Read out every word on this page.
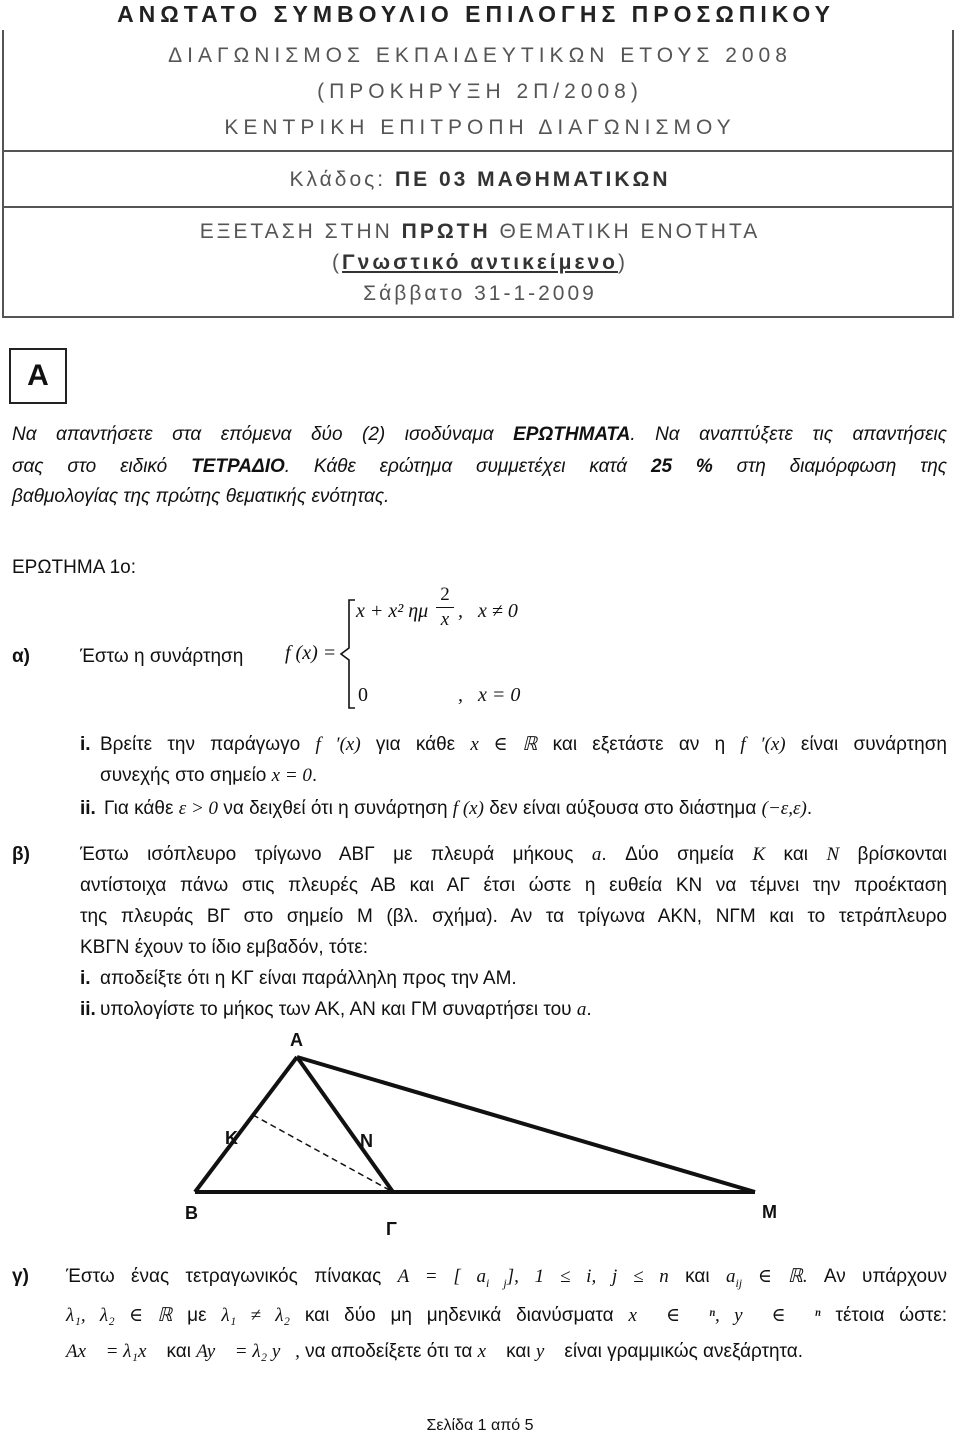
ΑΝΩΤΑΤΟ ΣΥΜΒΟΥΛΙΟ ΕΠΙΛΟΓΗΣ ΠΡΟΣΩΠΙΚΟΥ
ΔΙΑΓΩΝΙΣΜΟΣ ΕΚΠΑΙΔΕΥΤΙΚΩΝ ΕΤΟΥΣ 2008
(ΠΡΟΚΗΡΥΞΗ 2Π/2008)
ΚΕΝΤΡΙΚΗ ΕΠΙΤΡΟΠΗ ΔΙΑΓΩΝΙΣΜΟΥ
Κλάδος: ΠΕ 03 ΜΑΘΗΜΑΤΙΚΩΝ
ΕΞΕΤΑΣΗ ΣΤΗΝ ΠΡΩΤΗ ΘΕΜΑΤΙΚΗ ΕΝΟΤΗΤΑ
(Γνωστικό αντικείμενο)
Σάββατο 31-1-2009
Α
Να απαντήσετε στα επόμενα δύο (2) ισοδύναμα ΕΡΩΤΗΜΑΤΑ. Να αναπτύξετε τις απαντήσεις
σας στο ειδικό ΤΕΤΡΑΔΙΟ. Κάθε ερώτημα συμμετέχει κατά 25 % στη διαμόρφωση της
βαθμολογίας της πρώτης θεματικής ενότητας.
ΕΡΩΤΗΜΑ 1ο:
α)	Έστω η συνάρτηση f (x) =
x + x² ημ
2
x ,   x ≠ 0
0	,   x = 0
i. Βρείτε την παράγωγο f ′(x) για κάθε x ∈ ℝ και εξετάστε αν η f ′(x) είναι συνάρτηση
συνεχής στο σημείο x = 0.
ii. Για κάθε ε > 0 να δειχθεί ότι η συνάρτηση f (x) δεν είναι αύξουσα στο διάστημα (−ε,ε).
β)	Έστω ισόπλευρο τρίγωνο ΑΒΓ με πλευρά μήκους a. Δύο σημεία K και N βρίσκονται
αντίστοιχα πάνω στις πλευρές ΑΒ και ΑΓ έτσι ώστε η ευθεία ΚΝ να τέμνει την προέκταση
της πλευράς ΒΓ στο σημείο Μ (βλ. σχήμα). Αν τα τρίγωνα ΑΚΝ, ΝΓΜ και το τετράπλευρο
ΚΒΓΝ έχουν το ίδιο εμβαδόν, τότε:
i. αποδείξτε ότι η ΚΓ είναι παράλληλη προς την ΑΜ.
ii. υπολογίστε το μήκος των ΑΚ, ΑΝ και ΓΜ συναρτήσει του a.
Α
Κ	Ν
Β
Γ
Μ
γ) Έστω ένας τετραγωνικός πίνακας A = [ $a_{i j}$], 1 ≤ i, j ≤ n και $a_{ij}$ ∈ ℝ. Αν υπάρχουν
λ₁, λ₂ ∈ ℝ με λ₁ ≠ λ₂ και δύο μη μηδενικά διανύσματα x⃗ ∈ ℝⁿ, y⃗ ∈ ℝⁿ τέτοια ώστε:
Ax⃗ = λ₁x⃗ και Ay⃗ = λ₂ y⃗, να αποδείξετε ότι τα x⃗ και y⃗ είναι γραμμικώς ανεξάρτητα.
Σελίδα 1 από 5
